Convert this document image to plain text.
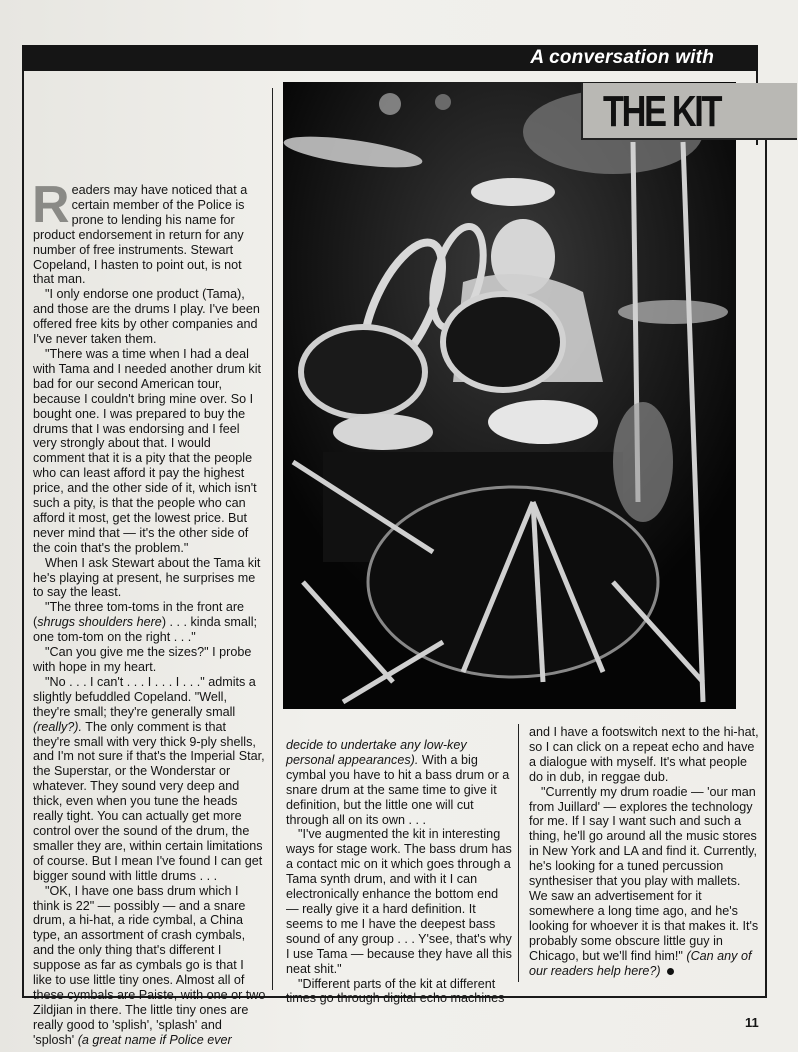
A conversation with
THE KIT

Readers may have noticed that a certain member of the Police is prone to lending his name for product endorsement in return for any number of free instruments. Stewart Copeland, I hasten to point out, is not that man.

"I only endorse one product (Tama), and those are the drums I play. I've been offered free kits by other companies and I've never taken them.

"There was a time when I had a deal with Tama and I needed another drum kit bad for our second American tour, because I couldn't bring mine over. So I bought one. I was prepared to buy the drums that I was endorsing and I feel very strongly about that. I would comment that it is a pity that the people who can least afford it pay the highest price, and the other side of it, which isn't such a pity, is that the people who can afford it most, get the lowest price. But never mind that — it's the other side of the coin that's the problem."

When I ask Stewart about the Tama kit he's playing at present, he surprises me to say the least.

"The three tom-toms in the front are (shrugs shoulders here) . . . kinda small; one tom-tom on the right . . ."

"Can you give me the sizes?" I probe with hope in my heart.

"No . . . I can't . . . I . . . I . . ." admits a slightly befuddled Copeland. "Well, they're small; they're generally small (really?). The only comment is that they're small with very thick 9-ply shells, and I'm not sure if that's the Imperial Star, the Superstar, or the Wonderstar or whatever. They sound very deep and thick, even when you tune the heads really tight. You can actually get more control over the sound of the drum, the smaller they are, within certain limitations of course. But I mean I've found I can get bigger sound with little drums . . .

"OK, I have one bass drum which I think is 22" — possibly — and a snare drum, a hi-hat, a ride cymbal, a China type, an assortment of crash cymbals, and the only thing that's different I suppose as far as cymbals go is that I like to use little tiny ones. Almost all of these cymbals are Paiste, with one or two Zildjian in there. The little tiny ones are really good to 'splish', 'splash' and 'splosh' (a great name if Police ever

decide to undertake any low-key personal appearances). With a big cymbal you have to hit a bass drum or a snare drum at the same time to give it definition, but the little one will cut through all on its own . . .

"I've augmented the kit in interesting ways for stage work. The bass drum has a contact mic on it which goes through a Tama synth drum, and with it I can electronically enhance the bottom end — really give it a hard definition. It seems to me I have the deepest bass sound of any group . . . Y'see, that's why I use Tama — because they have all this neat shit."

"Different parts of the kit at different times go through digital echo machines

and I have a footswitch next to the hi-hat, so I can click on a repeat echo and have a dialogue with myself. It's what people do in dub, in reggae dub.

"Currently my drum roadie — 'our man from Juillard' — explores the technology for me. If I say I want such and such a thing, he'll go around all the music stores in New York and LA and find it. Currently, he's looking for a tuned percussion synthesiser that you play with mallets. We saw an advertisement for it somewhere a long time ago, and he's looking for whoever it is that makes it. It's probably some obscure little guy in Chicago, but we'll find him!" (Can any of our readers help here?)

11
